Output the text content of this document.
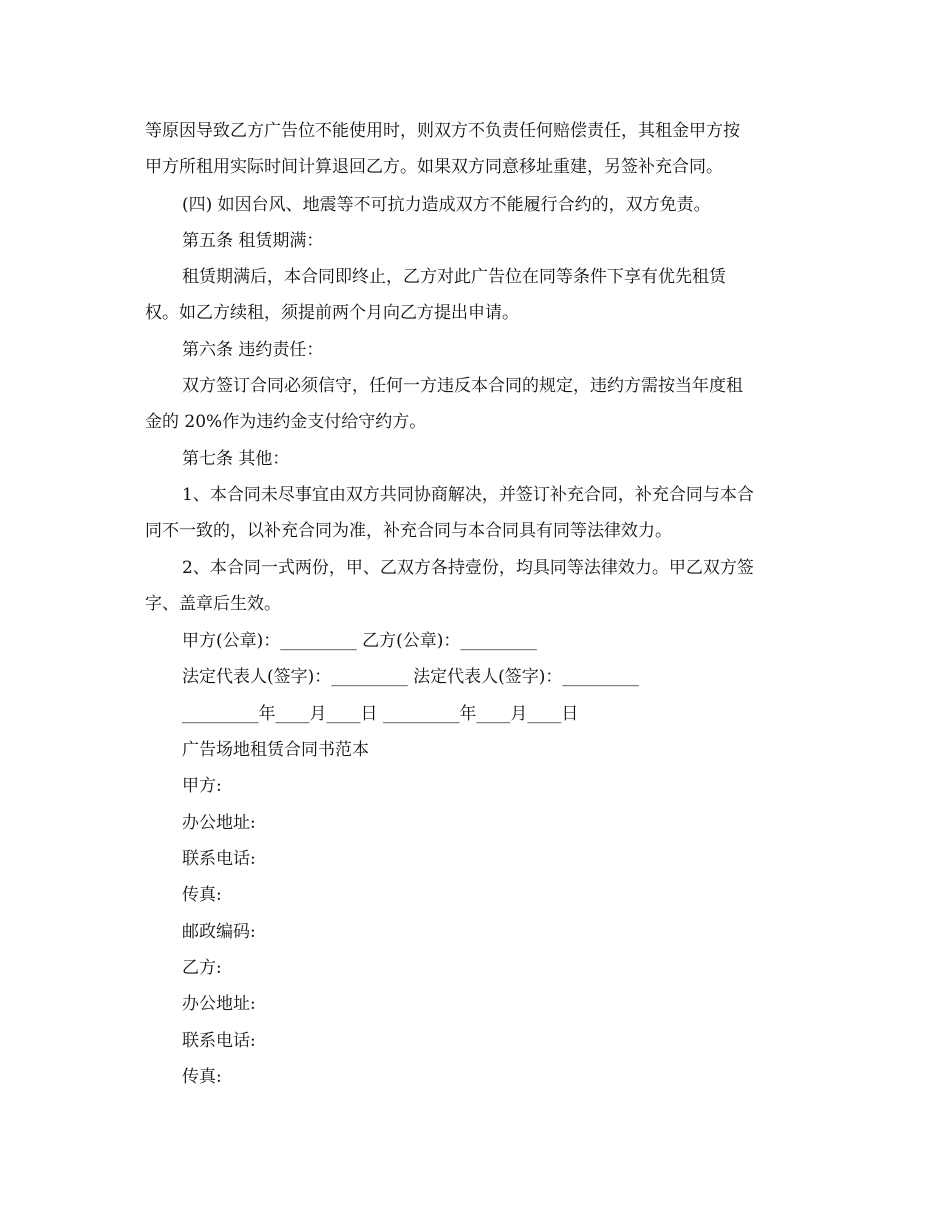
等原因导致乙方广告位不能使用时，则双方不负责任何赔偿责任，其租金甲方按
甲方所租用实际时间计算退回乙方。如果双方同意移址重建，另签补充合同。
(四) 如因台风、地震等不可抗力造成双方不能履行合约的，双方免责。
第五条 租赁期满：
租赁期满后，本合同即终止，乙方对此广告位在同等条件下享有优先租赁
权。如乙方续租，须提前两个月向乙方提出申请。
第六条 违约责任：
双方签订合同必须信守，任何一方违反本合同的规定，违约方需按当年度租
金的 20%作为违约金支付给守约方。
第七条 其他：
1、本合同未尽事宜由双方共同协商解决，并签订补充合同，补充合同与本合
同不一致的，以补充合同为准，补充合同与本合同具有同等法律效力。
2、本合同一式两份，甲、乙双方各持壹份，均具同等法律效力。甲乙双方签
字、盖章后生效。
甲方(公章)：_________ 乙方(公章)：_________
法定代表人(签字)：_________ 法定代表人(签字)：_________
_________年____月____日 _________年____月____日
广告场地租赁合同书范本
甲方:
办公地址:
联系电话:
传真:
邮政编码:
乙方:
办公地址:
联系电话:
传真:
